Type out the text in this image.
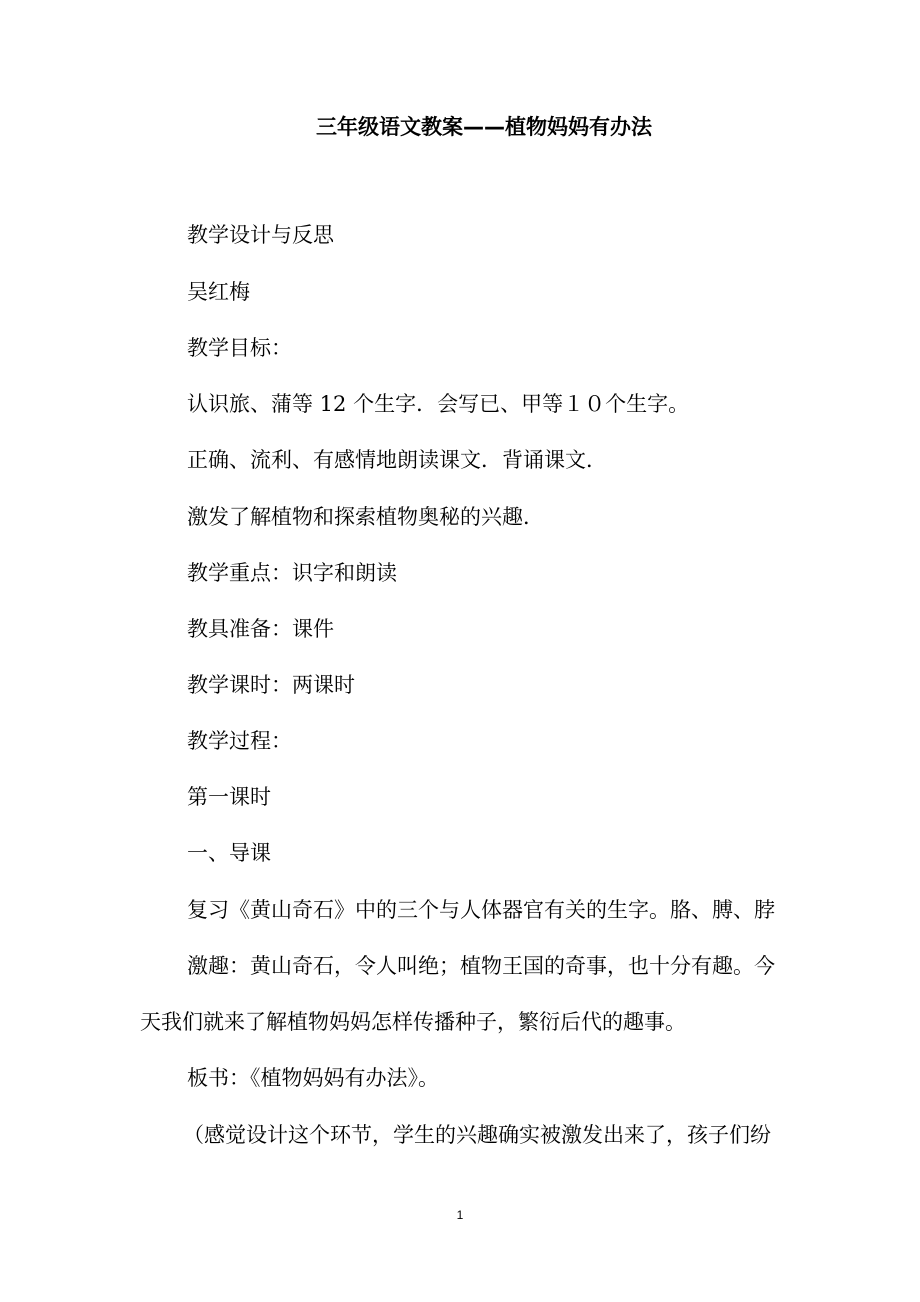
三年级语文教案——植物妈妈有办法
教学设计与反思
吴红梅
教学目标：
认识旅、蒲等 12 个生字．会写已、甲等１０个生字。
正确、流利、有感情地朗读课文．背诵课文．
激发了解植物和探索植物奥秘的兴趣．
教学重点：识字和朗读
教具准备：课件
教学课时：两课时
教学过程：
第一课时
一、导课
复习《黄山奇石》中的三个与人体器官有关的生字。胳、膊、脖
激趣：黄山奇石，令人叫绝；植物王国的奇事，也十分有趣。今
天我们就来了解植物妈妈怎样传播种子，繁衍后代的趣事。
板书：《植物妈妈有办法》。
（感觉设计这个环节，学生的兴趣确实被激发出来了，孩子们纷
1
